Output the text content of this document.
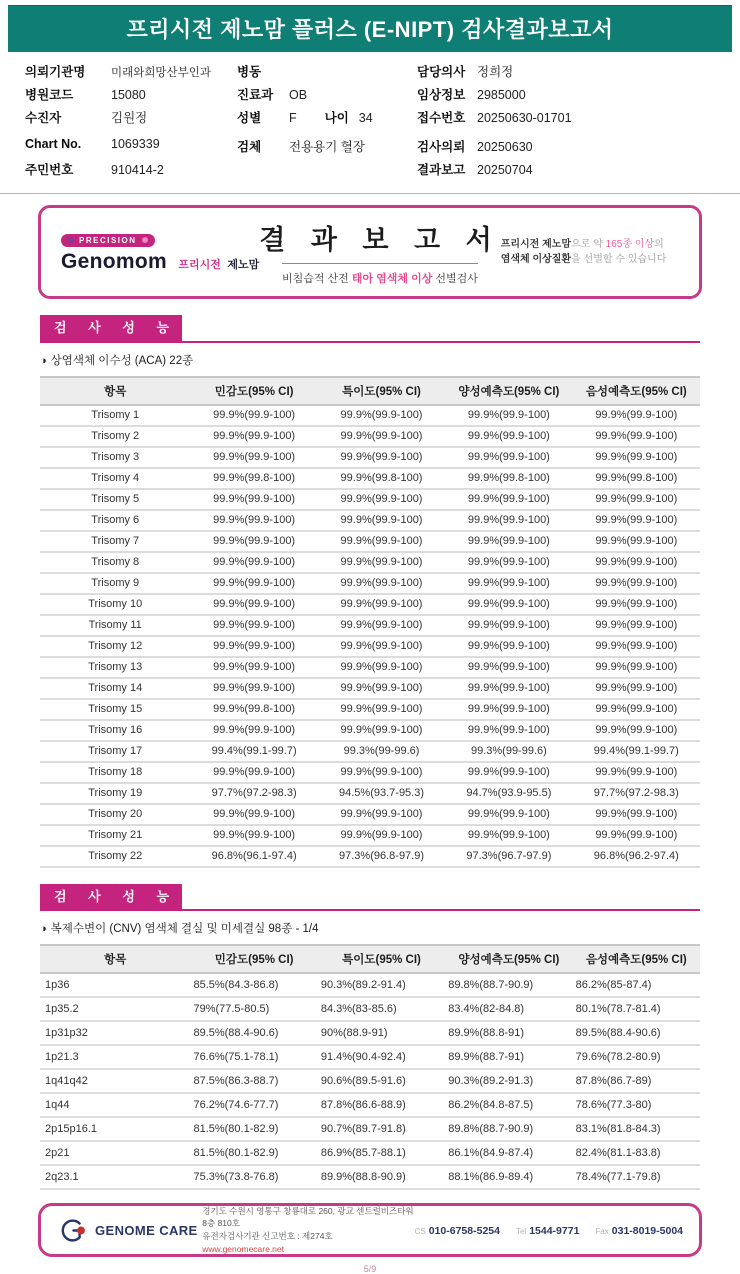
프리시전 제노맘 플러스 (E-NIPT) 검사결과보고서
의뢰기관명	미래와희망산부인과
병원코드	15080
수진자	김원정
Chart No.	1069339
주민번호	910414-2
병동
진료과	OB
성별	F 나이 34
검체	전용용기 혈장
담당의사 정희정
임상정보 2985000
접수번호 20250630-01701
검사의뢰 20250630
결과보고 20250704
PRECISION
Genomom 프리시전 제노맘
결 과 보 고 서
비침습적 산전 태아 염색체 이상 선별검사
프리시전 제노맘으로 약 165종 이상의
염색체 이상질환을 선별할 수 있습니다
검 사 성 능
◑ 상염색체 이수성 (ACA) 22종
항목	민감도(95% CI)	특이도(95% CI)	양성예측도(95% CI)	음성예측도(95% CI)
Trisomy 1	99.9%(99.9-100)	99.9%(99.9-100)	99.9%(99.9-100)	99.9%(99.9-100)
Trisomy 2	99.9%(99.9-100)	99.9%(99.9-100)	99.9%(99.9-100)	99.9%(99.9-100)
Trisomy 3	99.9%(99.9-100)	99.9%(99.9-100)	99.9%(99.9-100)	99.9%(99.9-100)
Trisomy 4	99.9%(99.8-100)	99.9%(99.8-100)	99.9%(99.8-100)	99.9%(99.8-100)
Trisomy 5	99.9%(99.9-100)	99.9%(99.9-100)	99.9%(99.9-100)	99.9%(99.9-100)
Trisomy 6	99.9%(99.9-100)	99.9%(99.9-100)	99.9%(99.9-100)	99.9%(99.9-100)
Trisomy 7	99.9%(99.9-100)	99.9%(99.9-100)	99.9%(99.9-100)	99.9%(99.9-100)
Trisomy 8	99.9%(99.9-100)	99.9%(99.9-100)	99.9%(99.9-100)	99.9%(99.9-100)
Trisomy 9	99.9%(99.9-100)	99.9%(99.9-100)	99.9%(99.9-100)	99.9%(99.9-100)
Trisomy 10	99.9%(99.9-100)	99.9%(99.9-100)	99.9%(99.9-100)	99.9%(99.9-100)
Trisomy 11	99.9%(99.9-100)	99.9%(99.9-100)	99.9%(99.9-100)	99.9%(99.9-100)
Trisomy 12	99.9%(99.9-100)	99.9%(99.9-100)	99.9%(99.9-100)	99.9%(99.9-100)
Trisomy 13	99.9%(99.9-100)	99.9%(99.9-100)	99.9%(99.9-100)	99.9%(99.9-100)
Trisomy 14	99.9%(99.9-100)	99.9%(99.9-100)	99.9%(99.9-100)	99.9%(99.9-100)
Trisomy 15	99.9%(99.8-100)	99.9%(99.9-100)	99.9%(99.9-100)	99.9%(99.9-100)
Trisomy 16	99.9%(99.9-100)	99.9%(99.9-100)	99.9%(99.9-100)	99.9%(99.9-100)
Trisomy 17	99.4%(99.1-99.7)	99.3%(99-99.6)	99.3%(99-99.6)	99.4%(99.1-99.7)
Trisomy 18	99.9%(99.9-100)	99.9%(99.9-100)	99.9%(99.9-100)	99.9%(99.9-100)
Trisomy 19	97.7%(97.2-98.3)	94.5%(93.7-95.3)	94.7%(93.9-95.5)	97.7%(97.2-98.3)
Trisomy 20	99.9%(99.9-100)	99.9%(99.9-100)	99.9%(99.9-100)	99.9%(99.9-100)
Trisomy 21	99.9%(99.9-100)	99.9%(99.9-100)	99.9%(99.9-100)	99.9%(99.9-100)
Trisomy 22	96.8%(96.1-97.4)	97.3%(96.8-97.9)	97.3%(96.7-97.9)	96.8%(96.2-97.4)
검 사 성 능
◑ 복제수변이 (CNV) 염색체 결실 및 미세결실 98종 - 1/4
항목	민감도(95% CI)	특이도(95% CI)	양성예측도(95% CI)	음성예측도(95% CI)
1p36	85.5%(84.3-86.8)	90.3%(89.2-91.4)	89.8%(88.7-90.9)	86.2%(85-87.4)
1p35.2	79%(77.5-80.5)	84.3%(83-85.6)	83.4%(82-84.8)	80.1%(78.7-81.4)
1p31p32	89.5%(88.4-90.6)	90%(88.9-91)	89.9%(88.8-91)	89.5%(88.4-90.6)
1p21.3	76.6%(75.1-78.1)	91.4%(90.4-92.4)	89.9%(88.7-91)	79.6%(78.2-80.9)
1q41q42	87.5%(86.3-88.7)	90.6%(89.5-91.6)	90.3%(89.2-91.3)	87.8%(86.7-89)
1q44	76.2%(74.6-77.7)	87.8%(86.6-88.9)	86.2%(84.8-87.5)	78.6%(77.3-80)
2p15p16.1	81.5%(80.1-82.9)	90.7%(89.7-91.8)	89.8%(88.7-90.9)	83.1%(81.8-84.3)
2p21	81.5%(80.1-82.9)	86.9%(85.7-88.1)	86.1%(84.9-87.4)	82.4%(81.1-83.8)
2q23.1	75.3%(73.8-76.8)	89.9%(88.8-90.9)	88.1%(86.9-89.4)	78.4%(77.1-79.8)
GENOME CARE
경기도 수원시 영통구 창룡대로 260, 광교 센트럴비즈타워 8층 810호
유전자검사기관 신고번호 : 제274호
www.genomecare.net
CS 010-6758-5254 Tel 1544-9771 Fax 031-8019-5004
5/9
